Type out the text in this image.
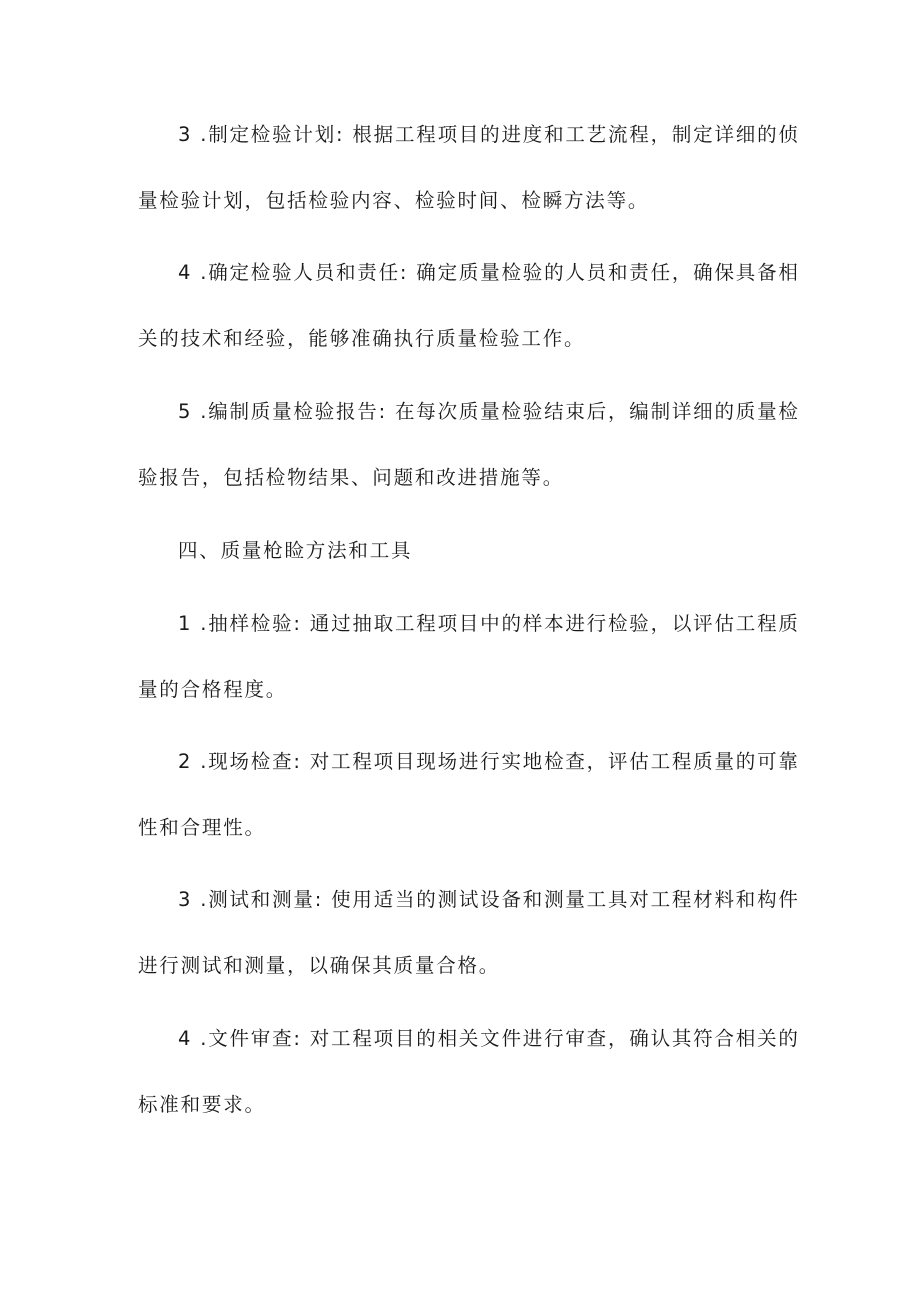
3 .制定检验计划: 根据工程项目的进度和工艺流程，制定详细的侦
量检验计划，包括检验内容、检验时间、检瞬方法等。
4 .确定检验人员和责任: 确定质量检验的人员和责任，确保具备相
关的技术和经验，能够准确执行质量检验工作。
5 .编制质量检验报告: 在每次质量检验结束后，编制详细的质量检
验报告，包括检物结果、问题和改进措施等。
四、质量枪睑方法和工具
1 .抽样检验: 通过抽取工程项目中的样本进行检验，以评估工程质
量的合格程度。
2 .现场检查: 对工程项目现场进行实地检查，评估工程质量的可靠
性和合理性。
3 .测试和测量: 使用适当的测试设备和测量工具对工程材料和构件
进行测试和测量，以确保其质量合格。
4 .文件审查: 对工程项目的相关文件进行审查，确认其符合相关的
标准和要求。
